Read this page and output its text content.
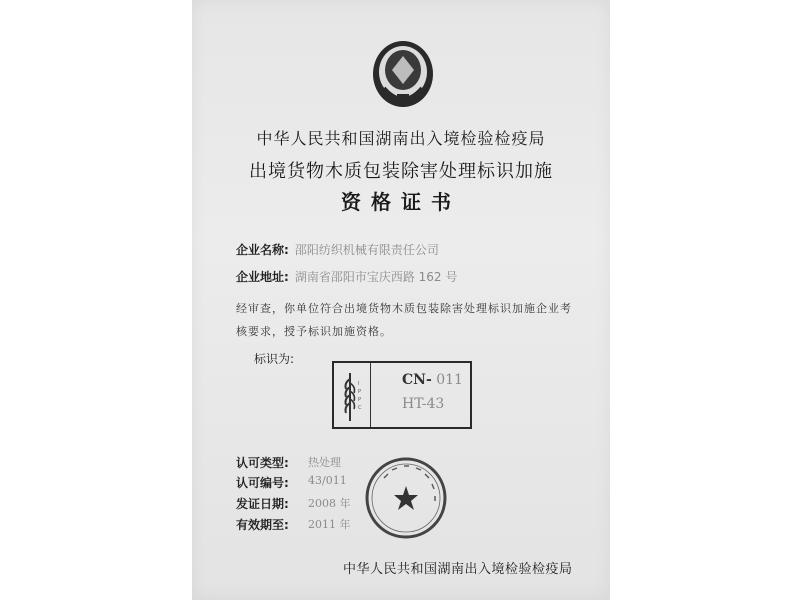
中华人民共和国湖南出入境检验检疫局
出境货物木质包装除害处理标识加施
资格证书
企业名称: 邵阳纺织机械有限责任公司
企业地址: 湖南省邵阳市宝庆西路 162 号
经审查，你单位符合出境货物木质包装除害处理标识加施企业考核要求，授予标识加施资格。
标识为:
I
P
P
C
CN- 011
HT-43
认可类型: 热处理
认可编号: 43/011
发证日期: 2008 年
有效期至: 2011 年
中华人民共和国湖南出入境检验检疫局
